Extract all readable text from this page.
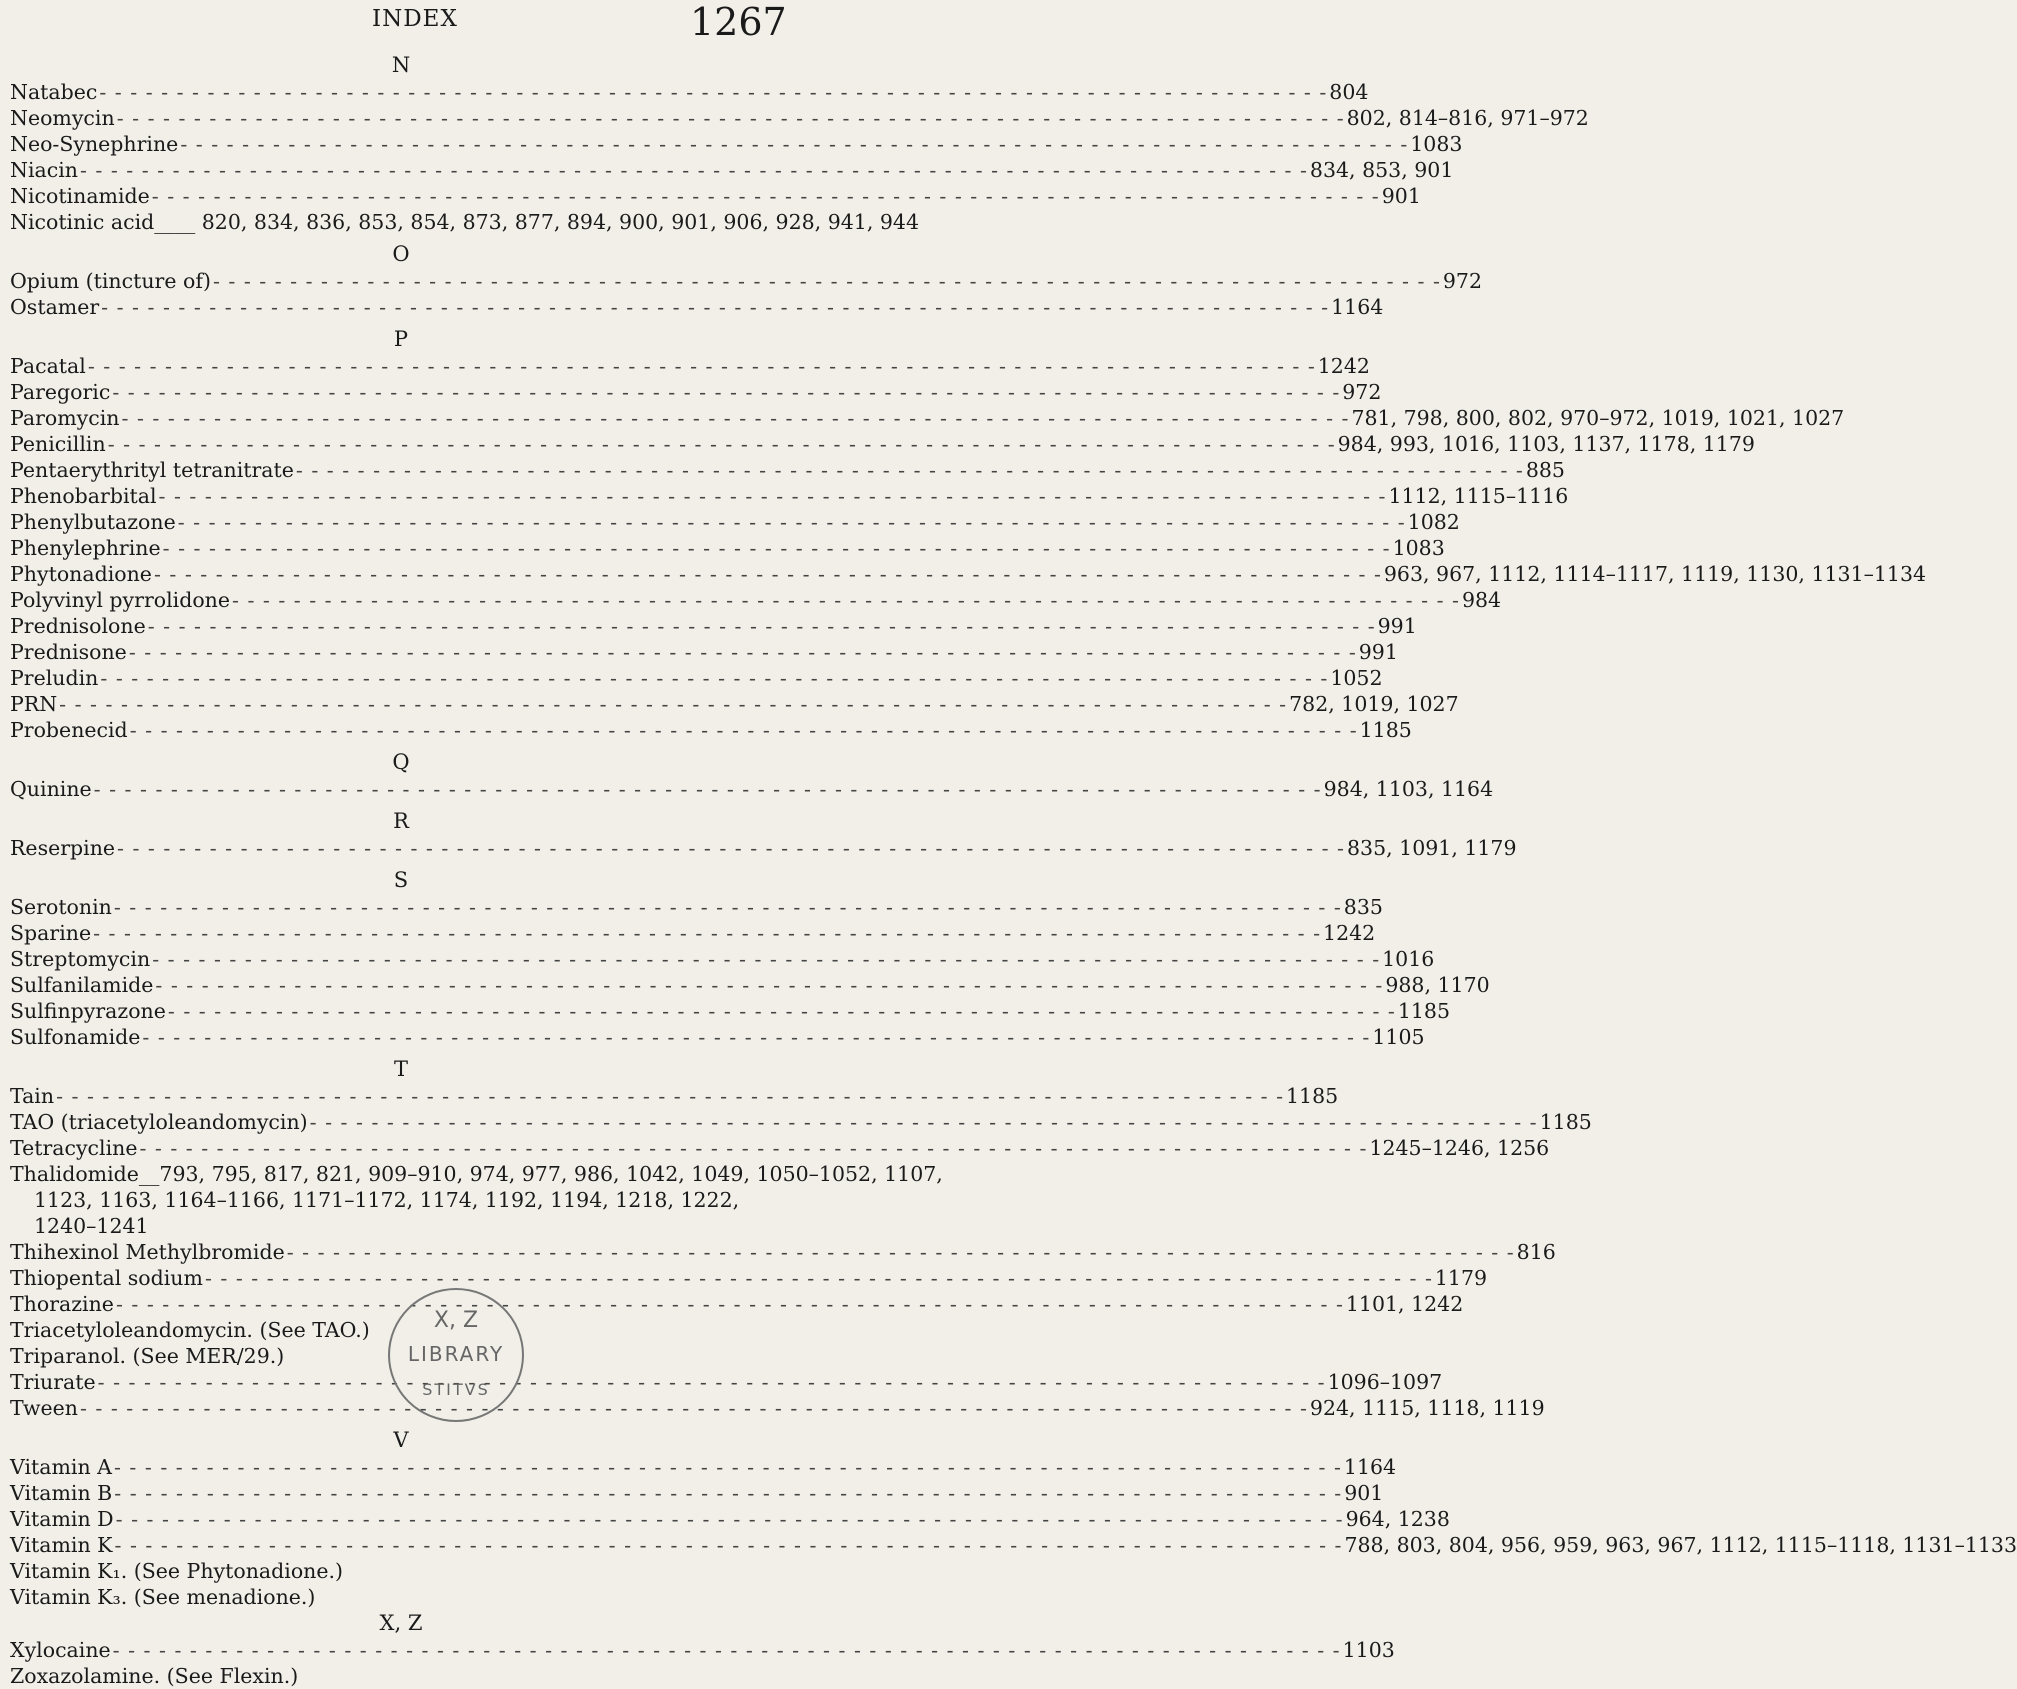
INDEX	1267
N
Natabec - - -	804
Neomycin - - -	802, 814–816, 971–972
Neo-Synephrine - - -	1083
Niacin - - -	834, 853, 901
Nicotinamide - - -	901
Nicotinic acid____ 820, 834, 836, 853, 854, 873, 877, 894, 900, 901, 906, 928, 941, 944
O
Opium (tincture of) - - -	972
Ostamer - - -	1164
P
Pacatal - - -	1242
Paregoric - - -	972
Paromycin - - -	781, 798, 800, 802, 970–972, 1019, 1021, 1027
Penicillin - - -	984, 993, 1016, 1103, 1137, 1178, 1179
Pentaerythrityl tetranitrate - - -	885
Phenobarbital - - -	1112, 1115–1116
Phenylbutazone - - -	1082
Phenylephrine - - -	1083
Phytonadione - - -	963, 967, 1112, 1114–1117, 1119, 1130, 1131–1134
Polyvinyl pyrrolidone - - -	984
Prednisolone - - -	991
Prednisone - - -	991
Preludin - - -	1052
PRN - - -	782, 1019, 1027
Probenecid - - -	1185
Q
Quinine - - -	984, 1103, 1164
R
Reserpine - - -	835, 1091, 1179
S
Serotonin - - -	835
Sparine - - -	1242
Streptomycin - - -	1016
Sulfanilamide - - -	988, 1170
Sulfinpyrazone - - -	1185
Sulfonamide - - -	1105
T
Tain - - -	1185
TAO (triacetyloleandomycin) - - -	1185
Tetracycline - - -	1245–1246, 1256
Thalidomide__793, 795, 817, 821, 909–910, 974, 977, 986, 1042, 1049, 1050–1052, 1107,
1123, 1163, 1164–1166, 1171–1172, 1174, 1192, 1194, 1218, 1222,
1240–1241
Thihexinol Methylbromide - - -	816
Thiopental sodium - - -	1179
Thorazine - - -	1101, 1242
Triacetyloleandomycin. (See TAO.)
Triparanol. (See MER/29.)
Triurate - - -	1096–1097
Tween - - -	924, 1115, 1118, 1119
V
Vitamin A - - -	1164
Vitamin B - - -	901
Vitamin D - - -	964, 1238
Vitamin K - - -	788, 803, 804, 956, 959, 963, 967, 1112, 1115–1118, 1131–1133
Vitamin K₁. (See Phytonadione.)
Vitamin K₃. (See menadione.)
X, Z
Xylocaine - - -	1103
Zoxazolamine. (See Flexin.)
X, Z
LIBRARY
STITVS
